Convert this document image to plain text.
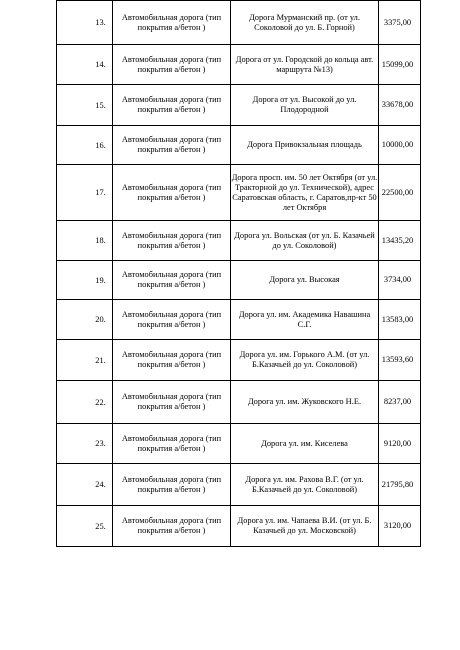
13.	Автомобильная дорога (тип покрытия а/бетон )	Дорога Мурманский пр. (от ул. Соколовой до ул. Б. Горной)	3375,00
14.	Автомобильная дорога (тип покрытия а/бетон )	Дорога от ул. Городской до кольца авт. маршрута №13)	15099,00
15.	Автомобильная дорога (тип покрытия а/бетон )	Дорога от ул. Высокой до ул. Плодородной	33678,00
16.	Автомобильная дорога (тип покрытия а/бетон )	Дорога Привокзальная площадь	10000,00
17.	Автомобильная дорога (тип покрытия а/бетон )	Дорога просп. им. 50 лет Октября (от ул. Тракторной до ул. Технической), адрес Саратовская область, г. Саратов,пр-кт 50 лет Октября	22500,00
18.	Автомобильная дорога (тип покрытия а/бетон )	Дорога ул. Вольская (от ул. Б. Казачьей до ул. Соколовой)	13435,20
19.	Автомобильная дорога (тип покрытия а/бетон )	Дорога ул. Высокая	3734,00
20.	Автомобильная дорога (тип покрытия а/бетон )	Дорога ул. им. Академика Навашина С.Г.	13583,00
21.	Автомобильная дорога (тип покрытия а/бетон )	Дорога ул. им. Горького А.М. (от ул. Б.Казачьей до ул. Соколовой)	13593,60
22.	Автомобильная дорога (тип покрытия а/бетон )	Дорога ул. им. Жуковского Н.Е.	8237,00
23.	Автомобильная дорога (тип покрытия а/бетон )	Дорога ул. им. Киселева	9120,00
24.	Автомобильная дорога (тип покрытия а/бетон )	Дорога ул. им. Рахова В.Г. (от ул. Б.Казачьей до ул. Соколовой)	21795,80
25.	Автомобильная дорога (тип покрытия а/бетон )	Дорога ул. им. Чапаева В.И. (от ул. Б. Казачьей до ул. Московской)	3120,00
